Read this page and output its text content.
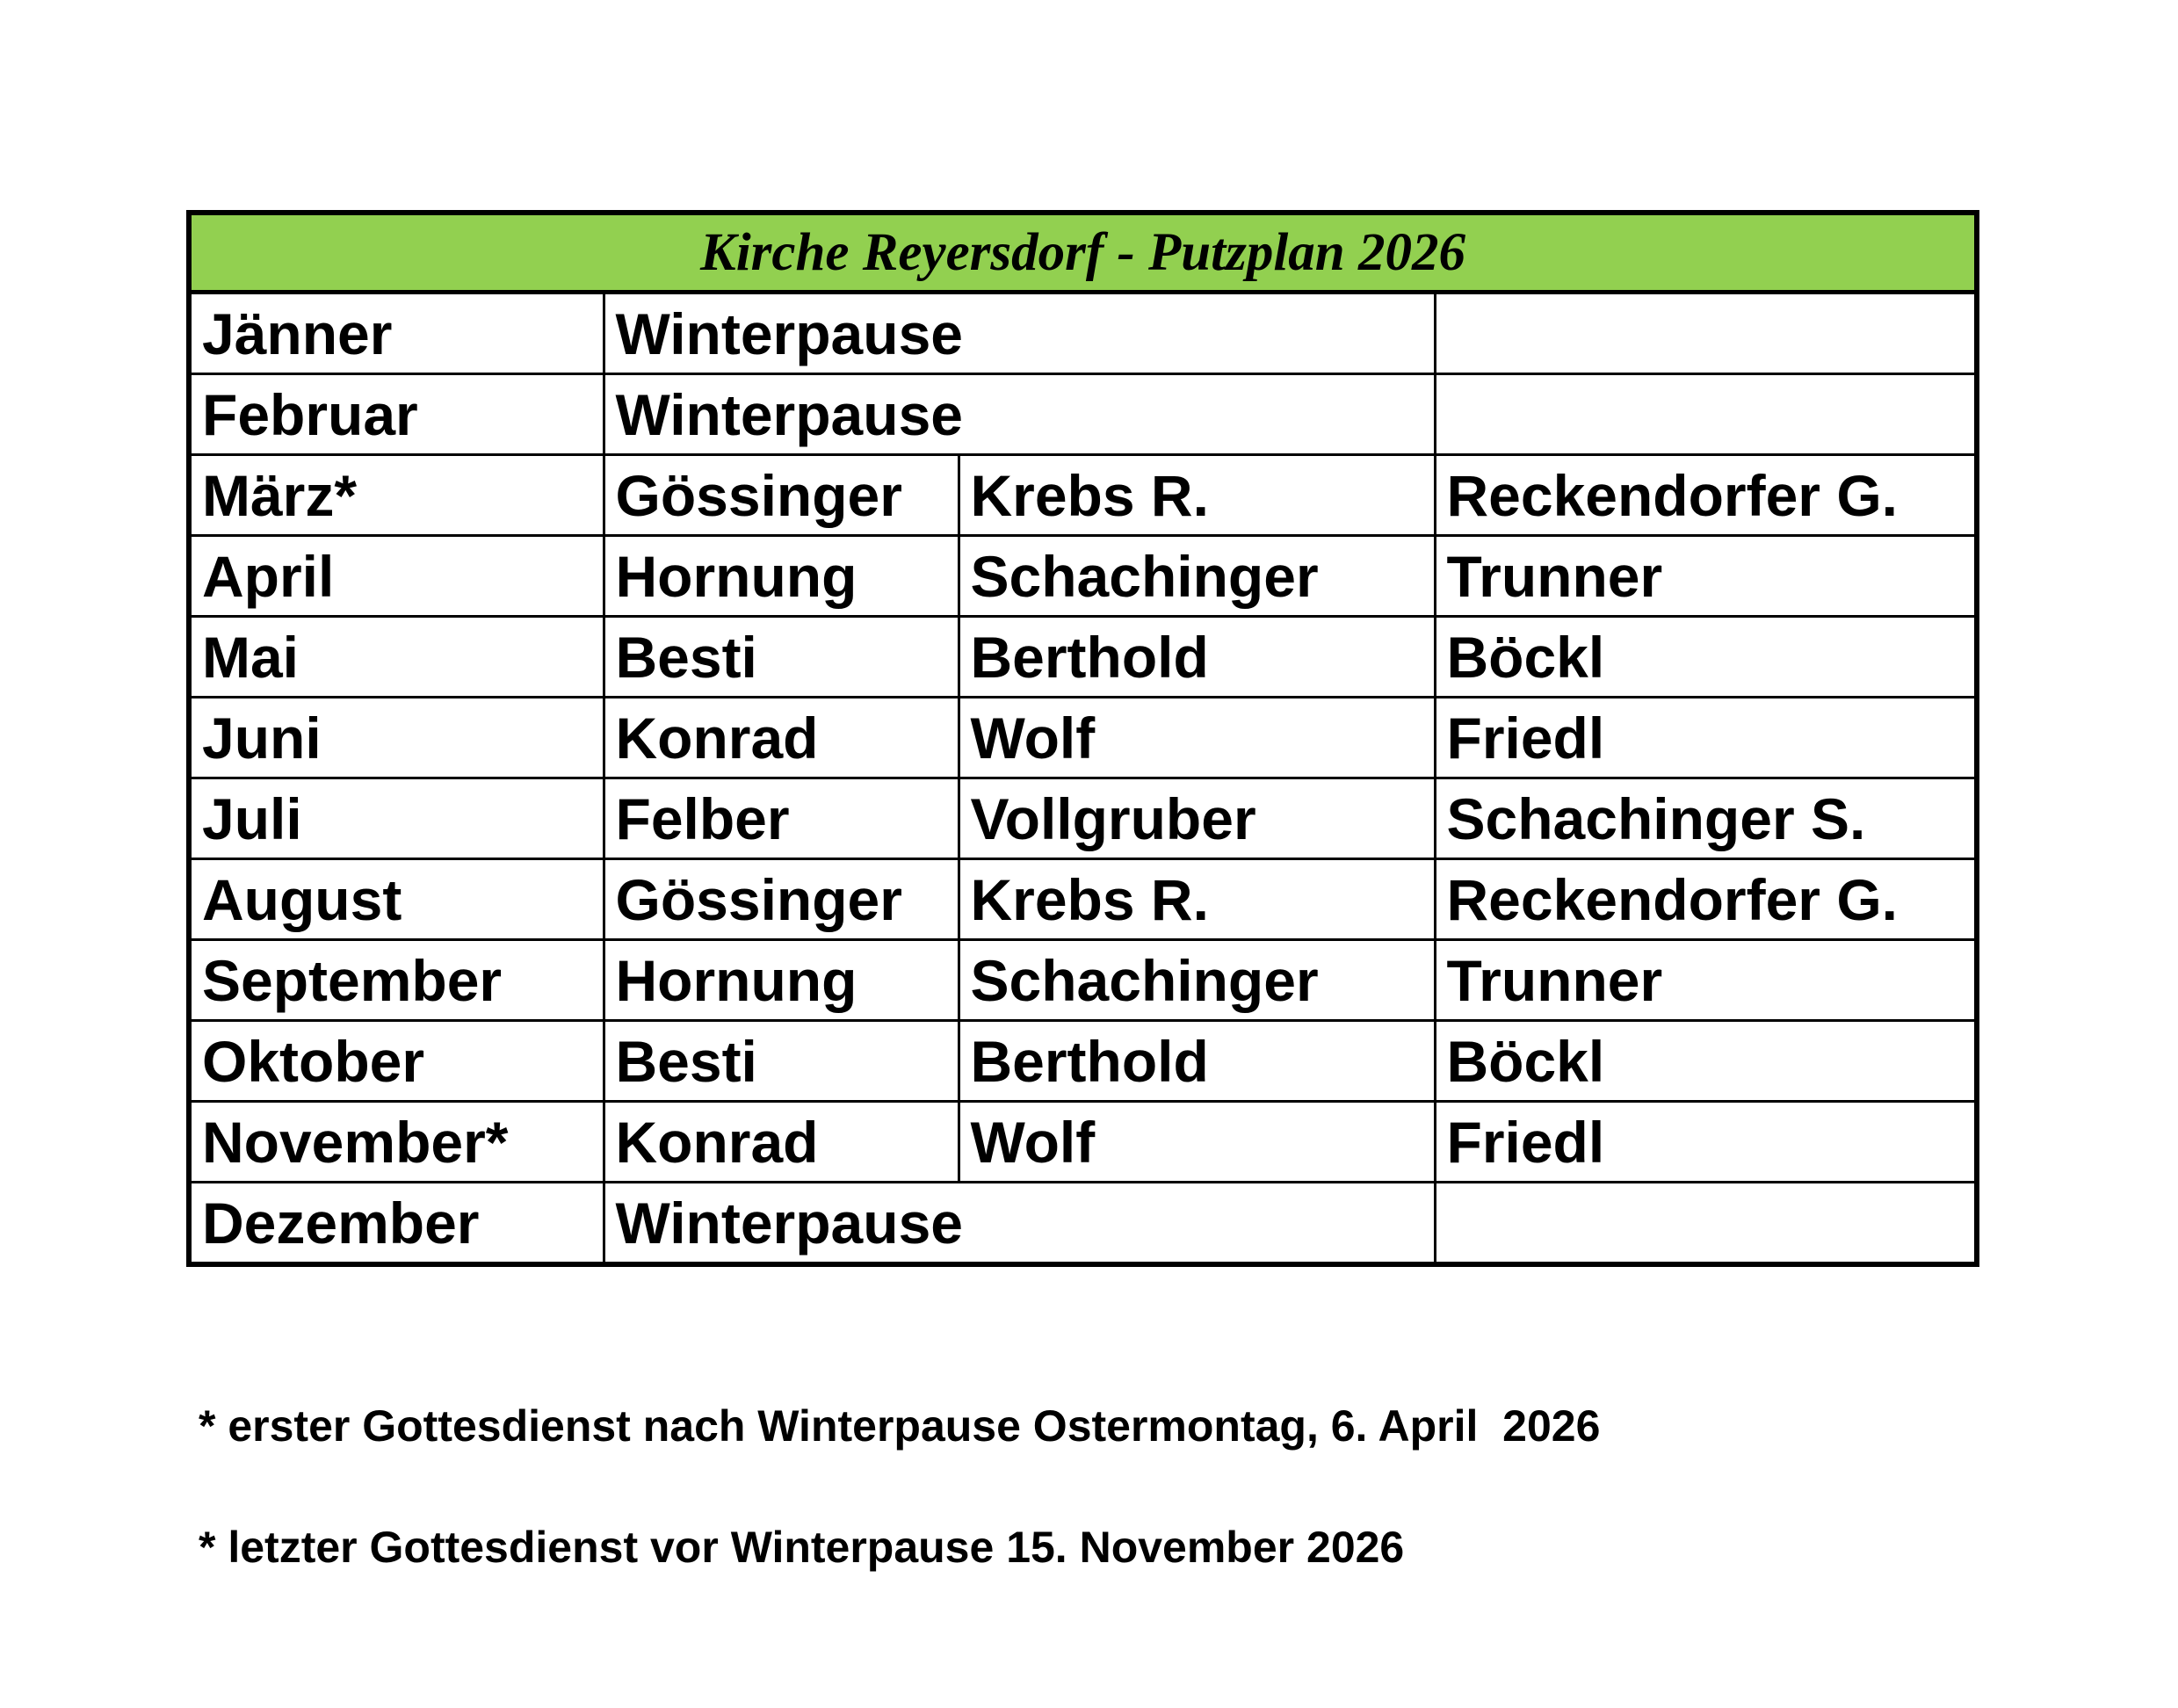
Kirche Reyersdorf - Putzplan 2026			
Jänner	Winterpause		
Februar	Winterpause		
März*	Gössinger	Krebs R.	Reckendorfer G.
April	Hornung	Schachinger	Trunner
Mai	Besti	Berthold	Böckl
Juni	Konrad	Wolf	Friedl
Juli	Felber	Vollgruber	Schachinger S.
August	Gössinger	Krebs R.	Reckendorfer G.
September	Hornung	Schachinger	Trunner
Oktober	Besti	Berthold	Böckl
November*	Konrad	Wolf	Friedl
Dezember	Winterpause		
* erster Gottesdienst nach Winterpause Ostermontag, 6. April  2026
* letzter Gottesdienst vor Winterpause 15. November 2026
